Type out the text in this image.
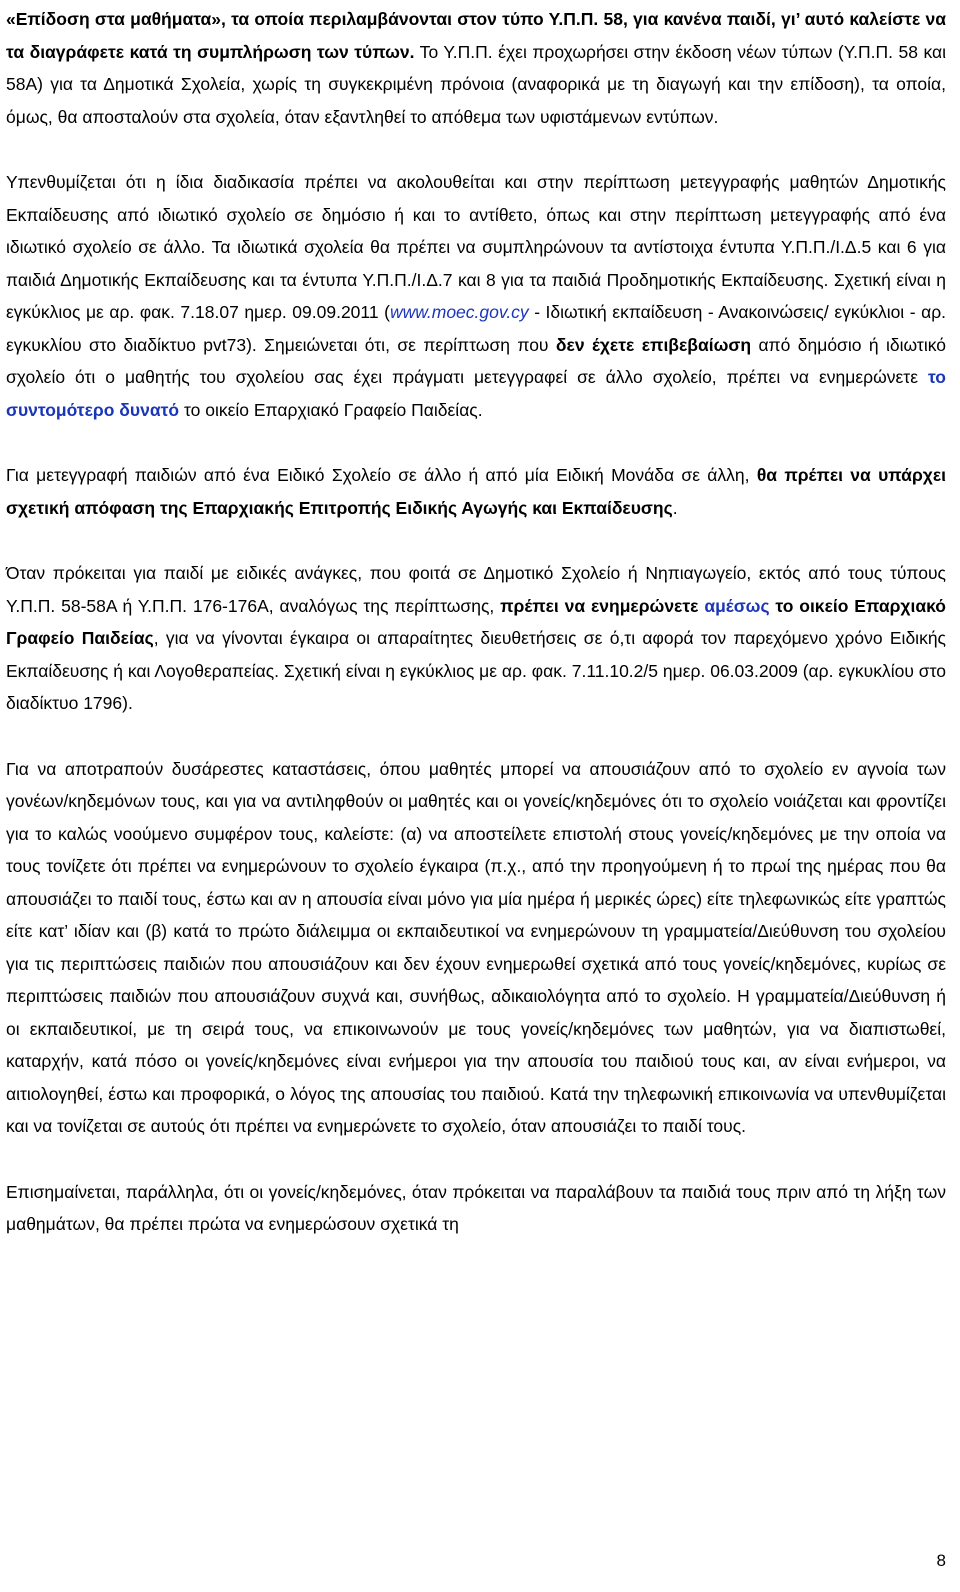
«Επίδοση στα μαθήματα», τα οποία περιλαμβάνονται στον τύπο Υ.Π.Π. 58, για κανένα παιδί, γι’ αυτό καλείστε να τα διαγράφετε κατά τη συμπλήρωση των τύπων. Το Υ.Π.Π. έχει προχωρήσει στην έκδοση νέων τύπων (Υ.Π.Π. 58 και 58Α) για τα Δημοτικά Σχολεία, χωρίς τη συγκεκριμένη πρόνοια (αναφορικά με τη διαγωγή και την επίδοση), τα οποία, όμως, θα αποσταλούν στα σχολεία, όταν εξαντληθεί το απόθεμα των υφιστάμενων εντύπων.

Υπενθυμίζεται ότι η ίδια διαδικασία πρέπει να ακολουθείται και στην περίπτωση μετεγγραφής μαθητών Δημοτικής Εκπαίδευσης από ιδιωτικό σχολείο σε δημόσιο ή και το αντίθετο, όπως και στην περίπτωση μετεγγραφής από ένα ιδιωτικό σχολείο σε άλλο. Τα ιδιωτικά σχολεία θα πρέπει να συμπληρώνουν τα αντίστοιχα έντυπα Υ.Π.Π./Ι.Δ.5 και 6 για παιδιά Δημοτικής Εκπαίδευσης και τα έντυπα Υ.Π.Π./Ι.Δ.7 και 8 για τα παιδιά Προδημοτικής Εκπαίδευσης. Σχετική είναι η εγκύκλιος με αρ. φακ. 7.18.07 ημερ. 09.09.2011 (www.moec.gov.cy - Ιδιωτική εκπαίδευση - Ανακοινώσεις/ εγκύκλιοι - αρ. εγκυκλίου στο διαδίκτυο pvt73). Σημειώνεται ότι, σε περίπτωση που δεν έχετε επιβεβαίωση από δημόσιο ή ιδιωτικό σχολείο ότι ο μαθητής του σχολείου σας έχει πράγματι μετεγγραφεί σε άλλο σχολείο, πρέπει να ενημερώνετε το συντομότερο δυνατό το οικείο Επαρχιακό Γραφείο Παιδείας.

Για μετεγγραφή παιδιών από ένα Ειδικό Σχολείο σε άλλο ή από μία Ειδική Μονάδα σε άλλη, θα πρέπει να υπάρχει σχετική απόφαση της Επαρχιακής Επιτροπής Ειδικής Αγωγής και Εκπαίδευσης.

Όταν πρόκειται για παιδί με ειδικές ανάγκες, που φοιτά σε Δημοτικό Σχολείο ή Νηπιαγωγείο, εκτός από τους τύπους Υ.Π.Π. 58-58Α ή Υ.Π.Π. 176-176Α, αναλόγως της περίπτωσης, πρέπει να ενημερώνετε αμέσως το οικείο Επαρχιακό Γραφείο Παιδείας, για να γίνονται έγκαιρα οι απαραίτητες διευθετήσεις σε ό,τι αφορά τον παρεχόμενο χρόνο Ειδικής Εκπαίδευσης ή και Λογοθεραπείας. Σχετική είναι η εγκύκλιος με αρ. φακ. 7.11.10.2/5 ημερ. 06.03.2009 (αρ. εγκυκλίου στο διαδίκτυο 1796).

Για να αποτραπούν δυσάρεστες καταστάσεις, όπου μαθητές μπορεί να απουσιάζουν από το σχολείο εν αγνοία των γονέων/κηδεμόνων τους, και για να αντιληφθούν οι μαθητές και οι γονείς/κηδεμόνες ότι το σχολείο νοιάζεται και φροντίζει για το καλώς νοούμενο συμφέρον τους, καλείστε: (α) να αποστείλετε επιστολή στους γονείς/κηδεμόνες με την οποία να τους τονίζετε ότι πρέπει να ενημερώνουν το σχολείο έγκαιρα (π.χ., από την προηγούμενη ή το πρωί της ημέρας που θα απουσιάζει το παιδί τους, έστω και αν η απουσία είναι μόνο για μία ημέρα ή μερικές ώρες) είτε τηλεφωνικώς είτε γραπτώς είτε κατ’ ιδίαν και (β) κατά το πρώτο διάλειμμα οι εκπαιδευτικοί να ενημερώνουν τη γραμματεία/Διεύθυνση του σχολείου για τις περιπτώσεις παιδιών που απουσιάζουν και δεν έχουν ενημερωθεί σχετικά από τους γονείς/κηδεμόνες, κυρίως σε περιπτώσεις παιδιών που απουσιάζουν συχνά και, συνήθως, αδικαιολόγητα από το σχολείο. Η γραμματεία/Διεύθυνση ή οι εκπαιδευτικοί, με τη σειρά τους, να επικοινωνούν με τους γονείς/κηδεμόνες των μαθητών, για να διαπιστωθεί, καταρχήν, κατά πόσο οι γονείς/κηδεμόνες είναι ενήμεροι για την απουσία του παιδιού τους και, αν είναι ενήμεροι, να αιτιολογηθεί, έστω και προφορικά, ο λόγος της απουσίας του παιδιού. Κατά την τηλεφωνική επικοινωνία να υπενθυμίζεται και να τονίζεται σε αυτούς ότι πρέπει να ενημερώνετε το σχολείο, όταν απουσιάζει το παιδί τους.

Επισημαίνεται, παράλληλα, ότι οι γονείς/κηδεμόνες, όταν πρόκειται να παραλάβουν τα παιδιά τους πριν από τη λήξη των μαθημάτων, θα πρέπει πρώτα να ενημερώσουν σχετικά τη

8
